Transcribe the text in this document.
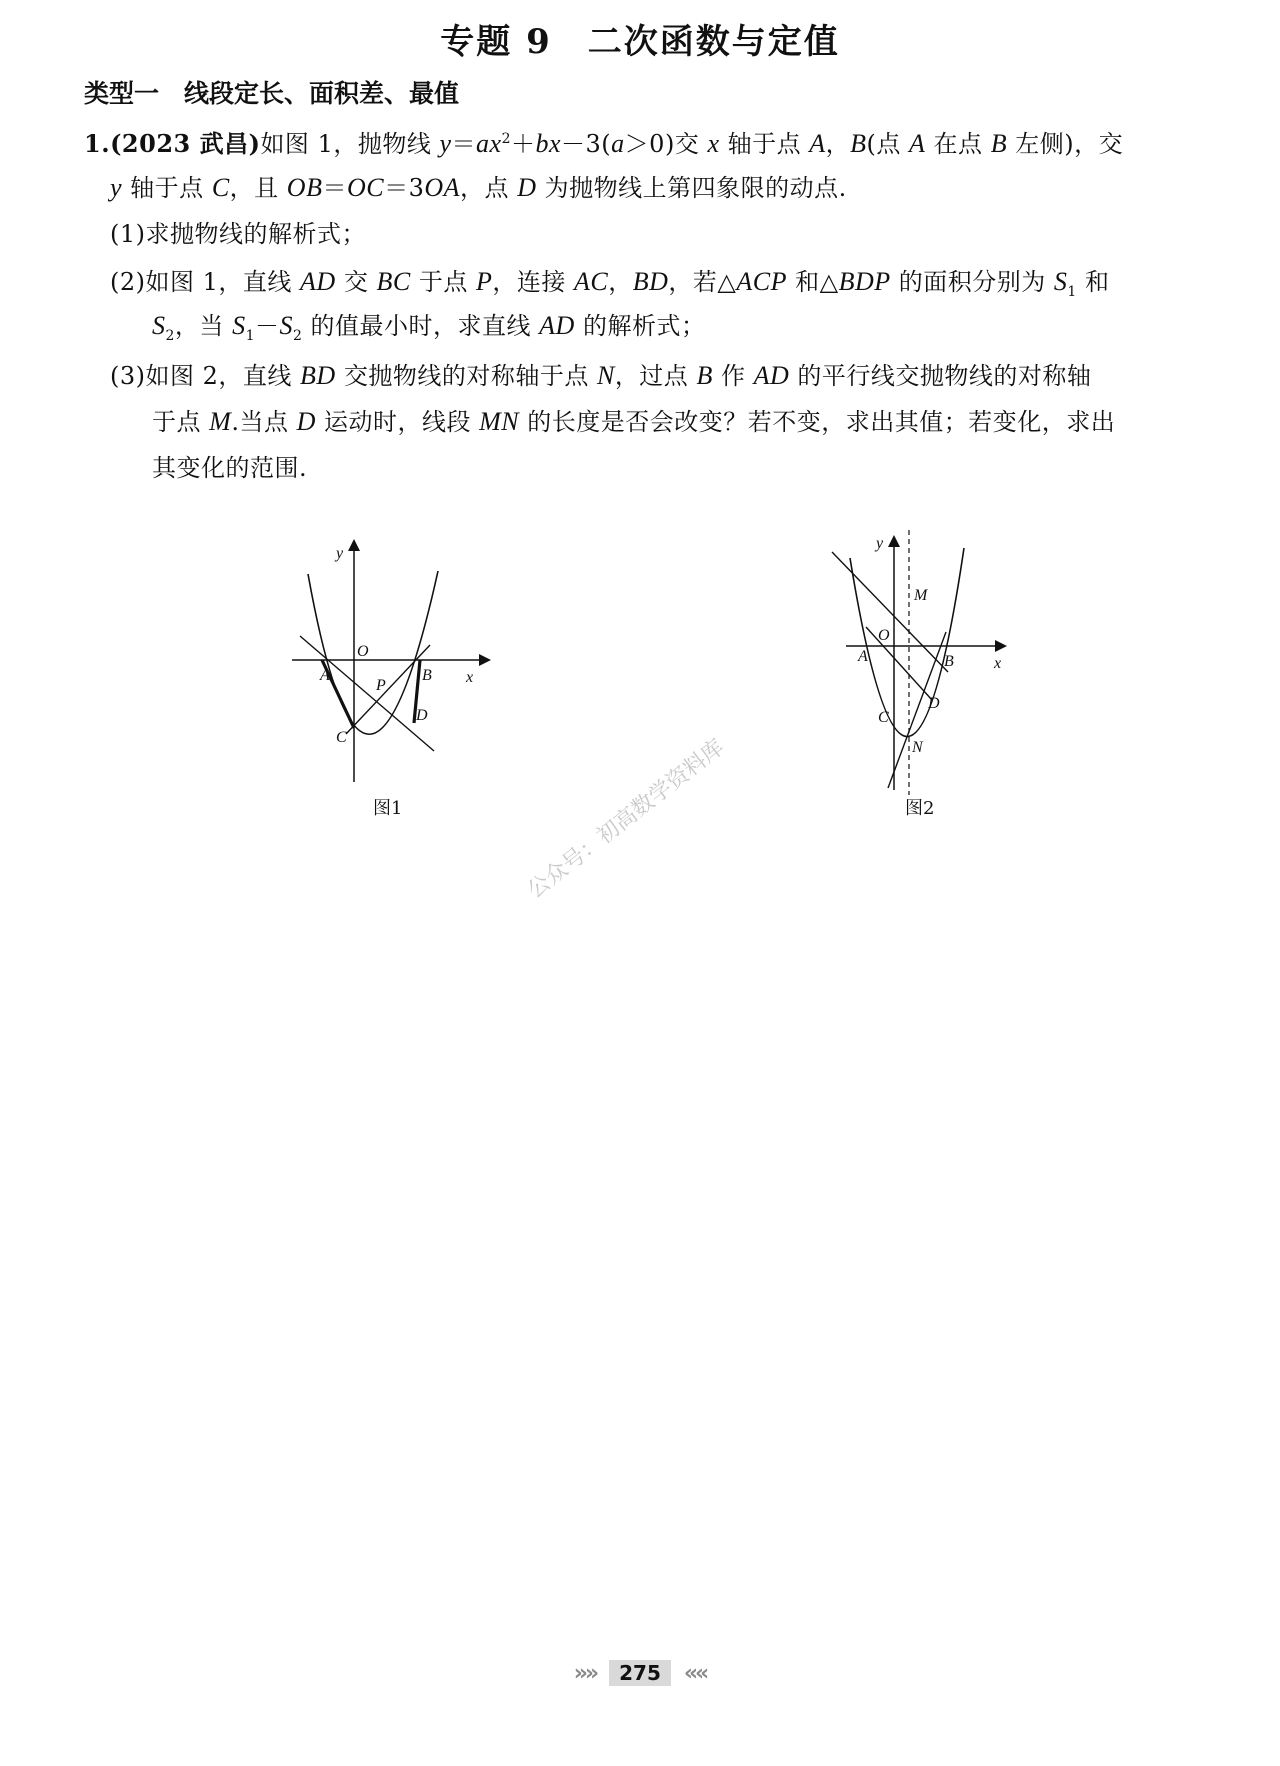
专题 9　二次函数与定值
类型一　线段定长、面积差、最值
1.(2023 武昌)如图 1，抛物线 $y=ax^2+bx-3(a>0)$交 x 轴于点 A，B(点 A 在点 B 左侧)，交
y 轴于点 C，且 OB＝OC＝3OA，点 D 为抛物线上第四象限的动点.
(1)求抛物线的解析式；
(2)如图 1，直线 AD 交 BC 于点 P，连接 AC，BD，若△ACP 和△BDP 的面积分别为 $S_1$ 和
$S_2$，当 $S_1-S_2$ 的值最小时，求直线 AD 的解析式；
(3)如图 2，直线 BD 交抛物线的对称轴于点 N，过点 B 作 AD 的平行线交抛物线的对称轴
于点 M.当点 D 运动时，线段 MN 的长度是否会改变？若不变，求出其值；若变化，求出
其变化的范围.
O
A	B
P
D
C
x
y
图1
M
O
A	B
C
D
N
x
y
图2
公众号：初高数学资料库
»» 275 ««
